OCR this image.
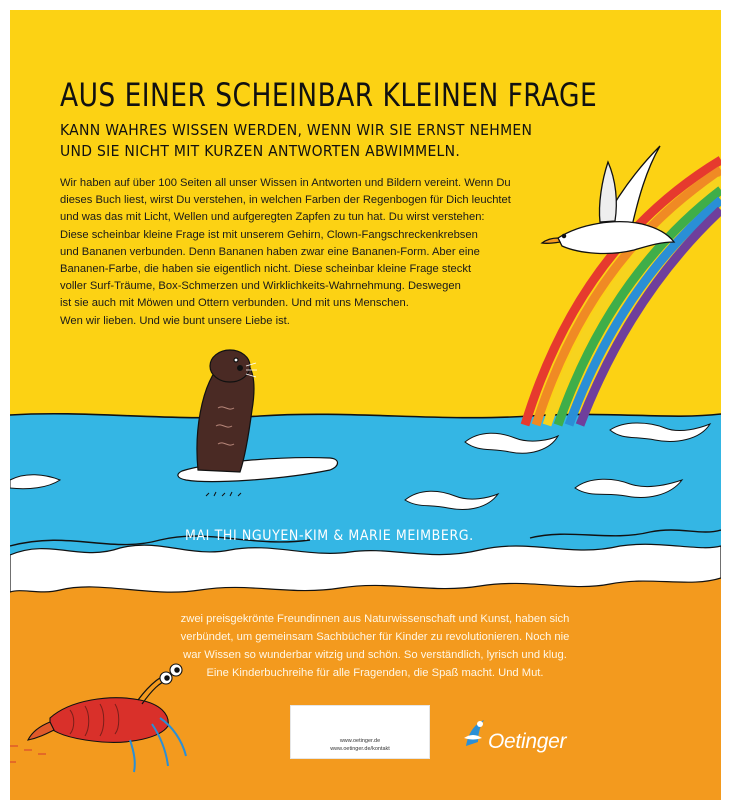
AUS EINER SCHEINBAR KLEINEN FRAGE
KANN WAHRES WISSEN WERDEN, WENN WIR SIE ERNST NEHMEN
UND SIE NICHT MIT KURZEN ANTWORTEN ABWIMMELN.
Wir haben auf über 100 Seiten all unser Wissen in Antworten und Bildern vereint. Wenn Du
dieses Buch liest, wirst Du verstehen, in welchen Farben der Regenbogen für Dich leuchtet
und was das mit Licht, Wellen und aufgeregten Zapfen zu tun hat. Du wirst verstehen:
Diese scheinbar kleine Frage ist mit unserem Gehirn, Clown-Fangschreckenkrebsen
und Bananen verbunden. Denn Bananen haben zwar eine Bananen-Form. Aber eine
Bananen-Farbe, die haben sie eigentlich nicht. Diese scheinbar kleine Frage steckt
voller Surf-Träume, Box-Schmerzen und Wirklichkeits-Wahrnehmung. Deswegen
ist sie auch mit Möwen und Ottern verbunden. Und mit uns Menschen.
Wen wir lieben. Und wie bunt unsere Liebe ist.
MAI THI NGUYEN-KIM & MARIE MEIMBERG.
zwei preisgekrönte Freundinnen aus Naturwissenschaft und Kunst, haben sich
verbündet, um gemeinsam Sachbücher für Kinder zu revolutionieren. Noch nie
war Wissen so wunderbar witzig und schön. So verständlich, lyrisch und klug.
Eine Kinderbuchreihe für alle Fragenden, die Spaß macht. Und Mut.
www.oetinger.de
www.oetinger.de/kontakt	Oetinger
